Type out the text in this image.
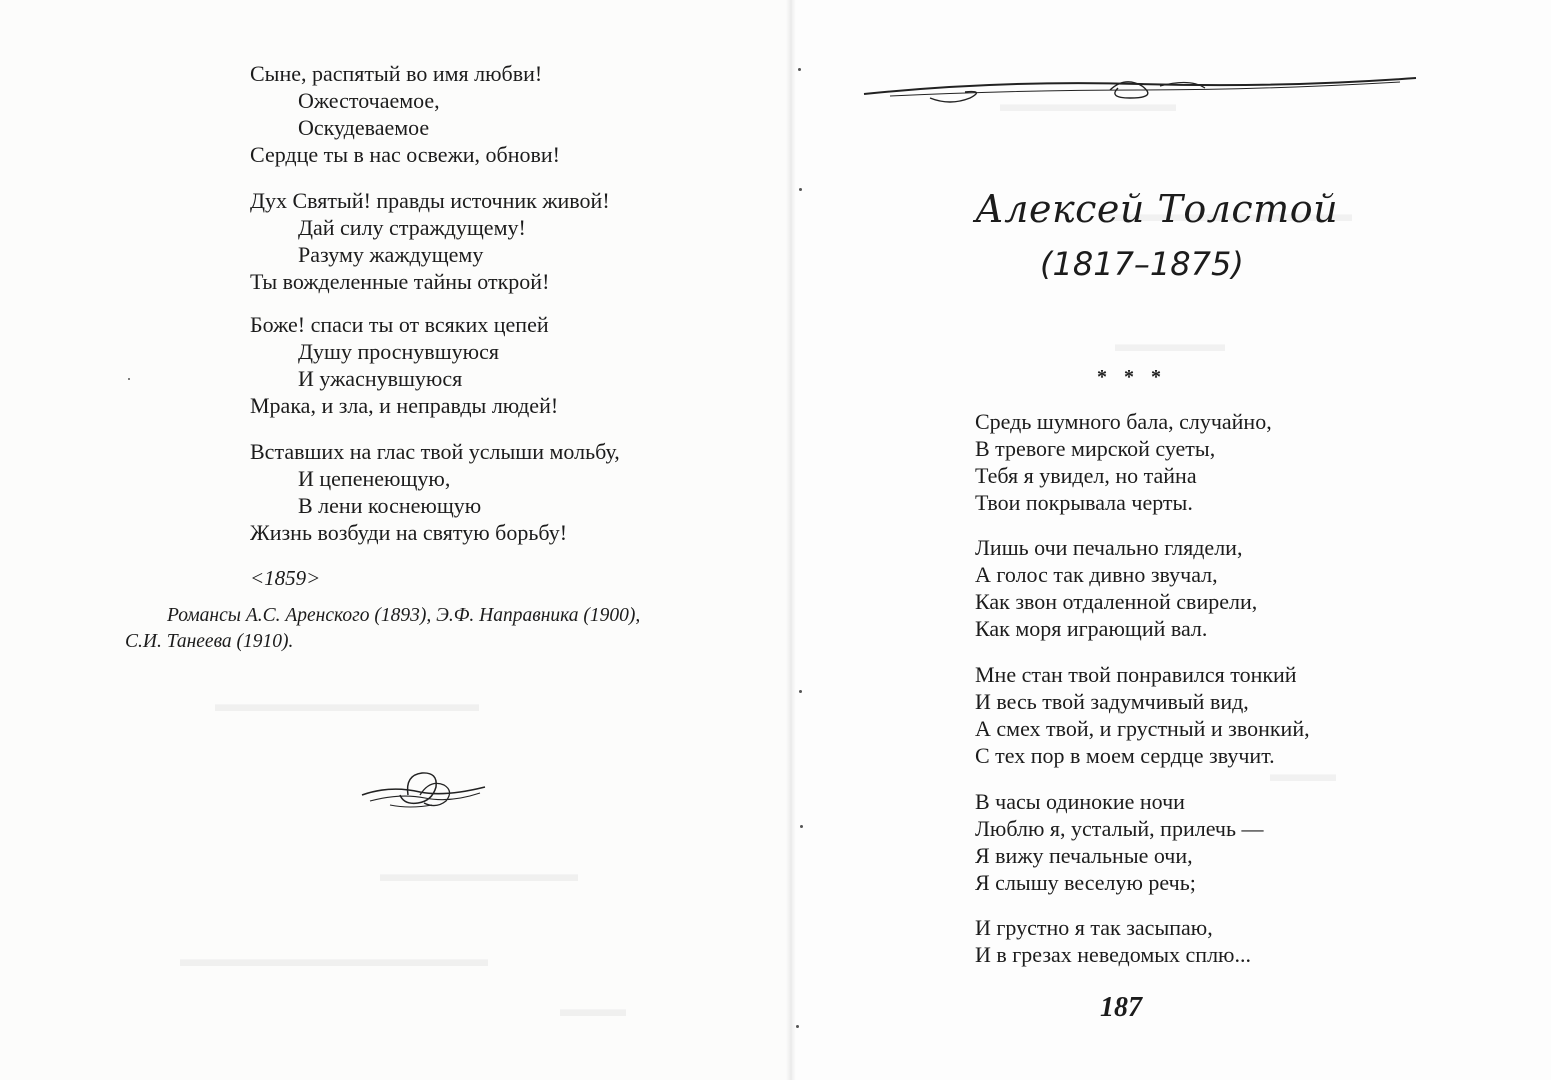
Сыне, распятый во имя любви!
Ожесточаемое,
Оскудеваемое
Сердце ты в нас освежи, обнови!
Дух Святый! правды источник живой!
Дай силу страждущему!
Разуму жаждущему
Ты вожделенные тайны открой!
Боже! спаси ты от всяких цепей
Душу проснувшуюся
И ужаснувшуюся
Мрака, и зла, и неправды людей!
Вставших на глас твой услыши мольбу,
И цепенеющую,
В лени коснеющую
Жизнь возбуди на святую борьбу!
<1859>
Романсы А.С. Аренского (1893), Э.Ф. Направника (1900),
С.И. Танеева (1910).
Алексей Толстой
(1817–1875)
* * *
Средь шумного бала, случайно,
В тревоге мирской суеты,
Тебя я увидел, но тайна
Твои покрывала черты.
Лишь очи печально глядели,
А голос так дивно звучал,
Как звон отдаленной свирели,
Как моря играющий вал.
Мне стан твой понравился тонкий
И весь твой задумчивый вид,
А смех твой, и грустный и звонкий,
С тех пор в моем сердце звучит.
В часы одинокие ночи
Люблю я, усталый, прилечь —
Я вижу печальные очи,
Я слышу веселую речь;
И грустно я так засыпаю,
И в грезах неведомых сплю...
187
